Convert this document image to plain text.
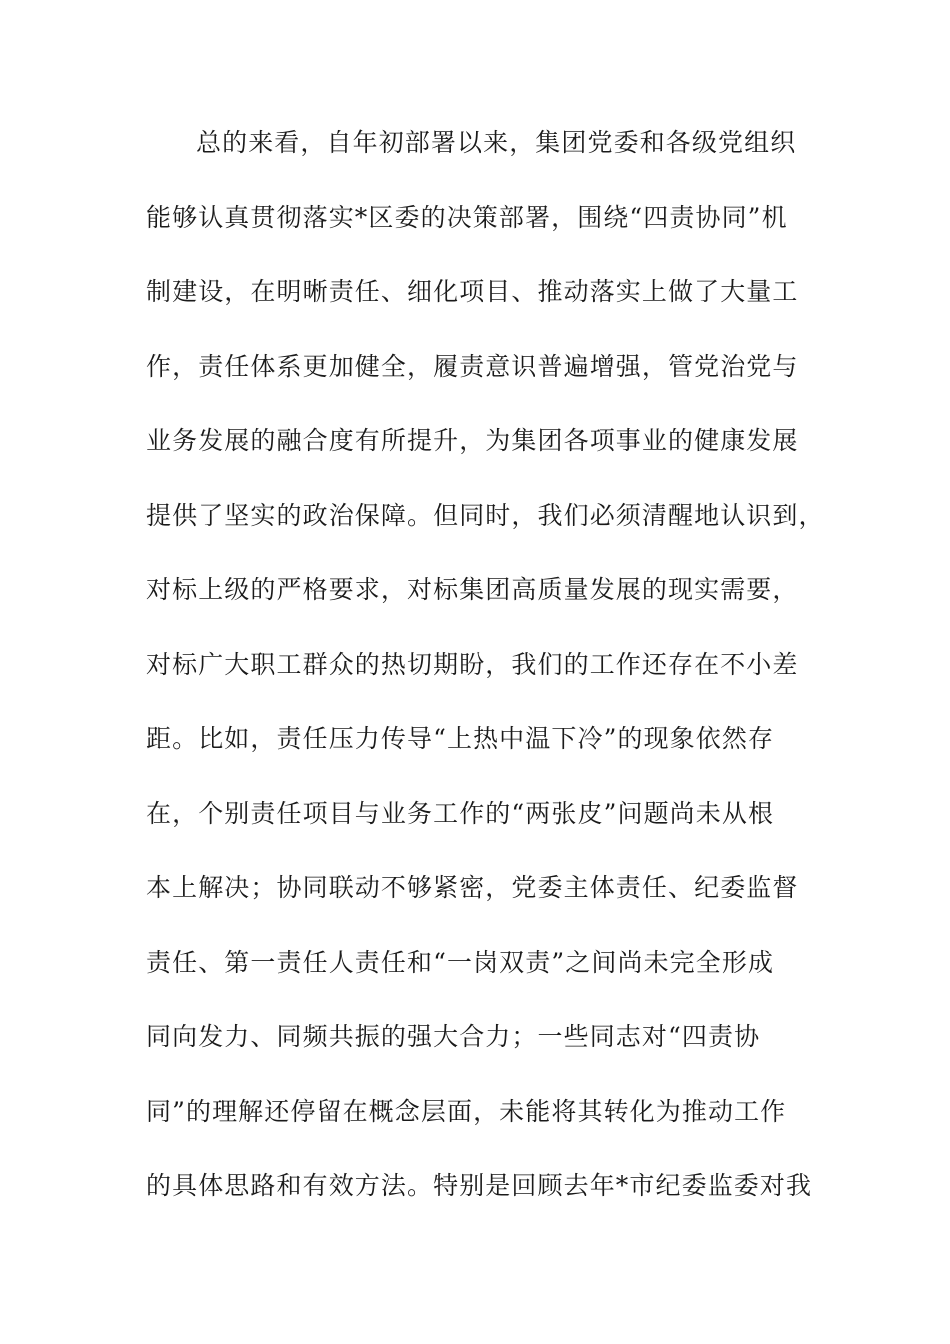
总的来看，自年初部署以来，集团党委和各级党组织
能够认真贯彻落实*区委的决策部署，围绕“四责协同”机
制建设，在明晰责任、细化项目、推动落实上做了大量工
作，责任体系更加健全，履责意识普遍增强，管党治党与
业务发展的融合度有所提升，为集团各项事业的健康发展
提供了坚实的政治保障。但同时，我们必须清醒地认识到，
对标上级的严格要求，对标集团高质量发展的现实需要，
对标广大职工群众的热切期盼，我们的工作还存在不小差
距。比如，责任压力传导“上热中温下冷”的现象依然存
在，个别责任项目与业务工作的“两张皮”问题尚未从根
本上解决；协同联动不够紧密，党委主体责任、纪委监督
责任、第一责任人责任和“一岗双责”之间尚未完全形成
同向发力、同频共振的强大合力；一些同志对“四责协
同”的理解还停留在概念层面，未能将其转化为推动工作
的具体思路和有效方法。特别是回顾去年*市纪委监委对我
